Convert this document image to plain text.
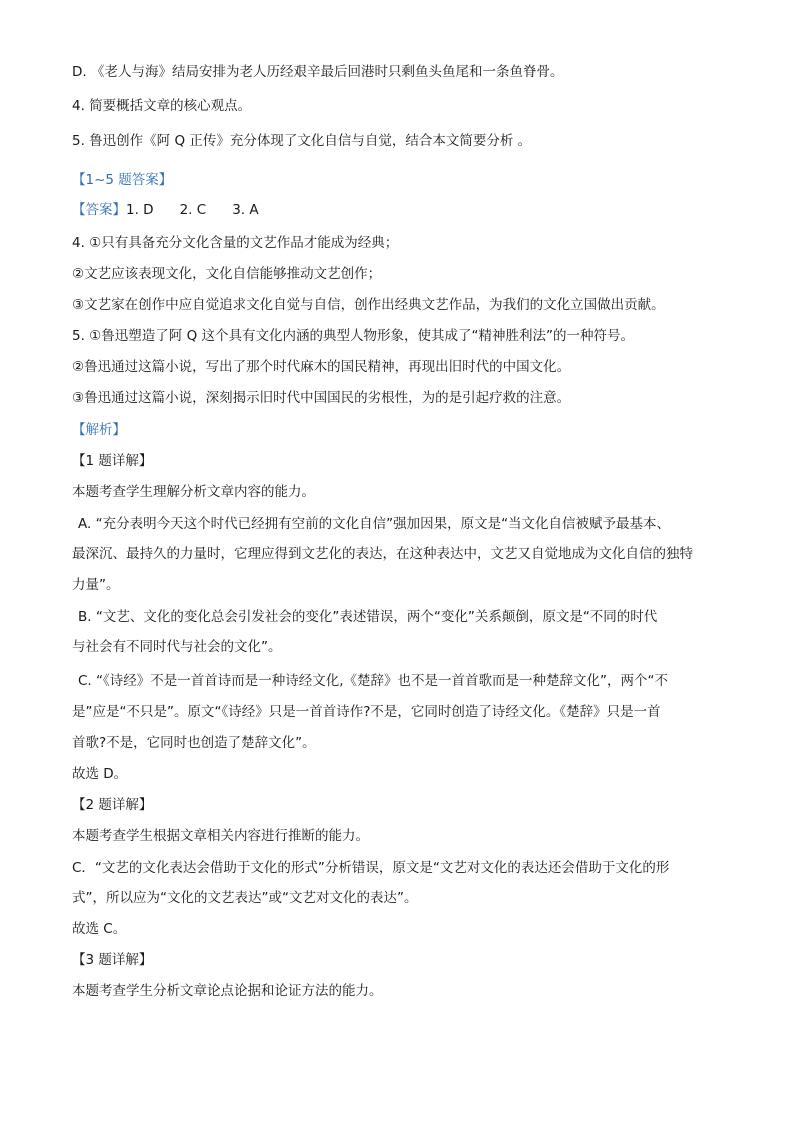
D. 《老人与海》结局安排为老人历经艰辛最后回港时只剩鱼头鱼尾和一条鱼脊骨。
4. 简要概括文章的核心观点。
5. 鲁迅创作《阿 Q 正传》充分体现了文化自信与自觉，结合本文简要分析 。
【1~5 题答案】
【答案】1. D 2. C 3. A
4. ①只有具备充分文化含量的文艺作品才能成为经典；
②文艺应该表现文化，文化自信能够推动文艺创作；
③文艺家在创作中应自觉追求文化自觉与自信，创作出经典文艺作品，为我们的文化立国做出贡献。
5. ①鲁迅塑造了阿 Q 这个具有文化内涵的典型人物形象，使其成了“精神胜利法”的一种符号。
②鲁迅通过这篇小说，写出了那个时代麻木的国民精神，再现出旧时代的中国文化。
③鲁迅通过这篇小说，深刻揭示旧时代中国国民的劣根性，为的是引起疗救的注意。
【解析】
【1 题详解】
本题考查学生理解分析文章内容的能力。
A. “充分表明今天这个时代已经拥有空前的文化自信”强加因果，原文是“当文化自信被赋予最基本、
最深沉、最持久的力量时，它理应得到文艺化的表达，在这种表达中，文艺又自觉地成为文化自信的独特
力量”。
B. “文艺、文化的变化总会引发社会的变化”表述错误，两个“变化”关系颠倒，原文是“不同的时代
与社会有不同时代与社会的文化”。
C. “《诗经》不是一首首诗而是一种诗经文化,《楚辞》也不是一首首歌而是一种楚辞文化”，两个“不
是”应是“不只是”。原文“《诗经》只是一首首诗作?不是，它同时创造了诗经文化。《楚辞》只是一首
首歌?不是，它同时也创造了楚辞文化”。
故选 D。
【2 题详解】
本题考查学生根据文章相关内容进行推断的能力。
C．“文艺的文化表达会借助于文化的形式”分析错误，原文是“文艺对文化的表达还会借助于文化的形
式”，所以应为“文化的文艺表达”或“文艺对文化的表达”。
故选 C。
【3 题详解】
本题考查学生分析文章论点论据和论证方法的能力。
